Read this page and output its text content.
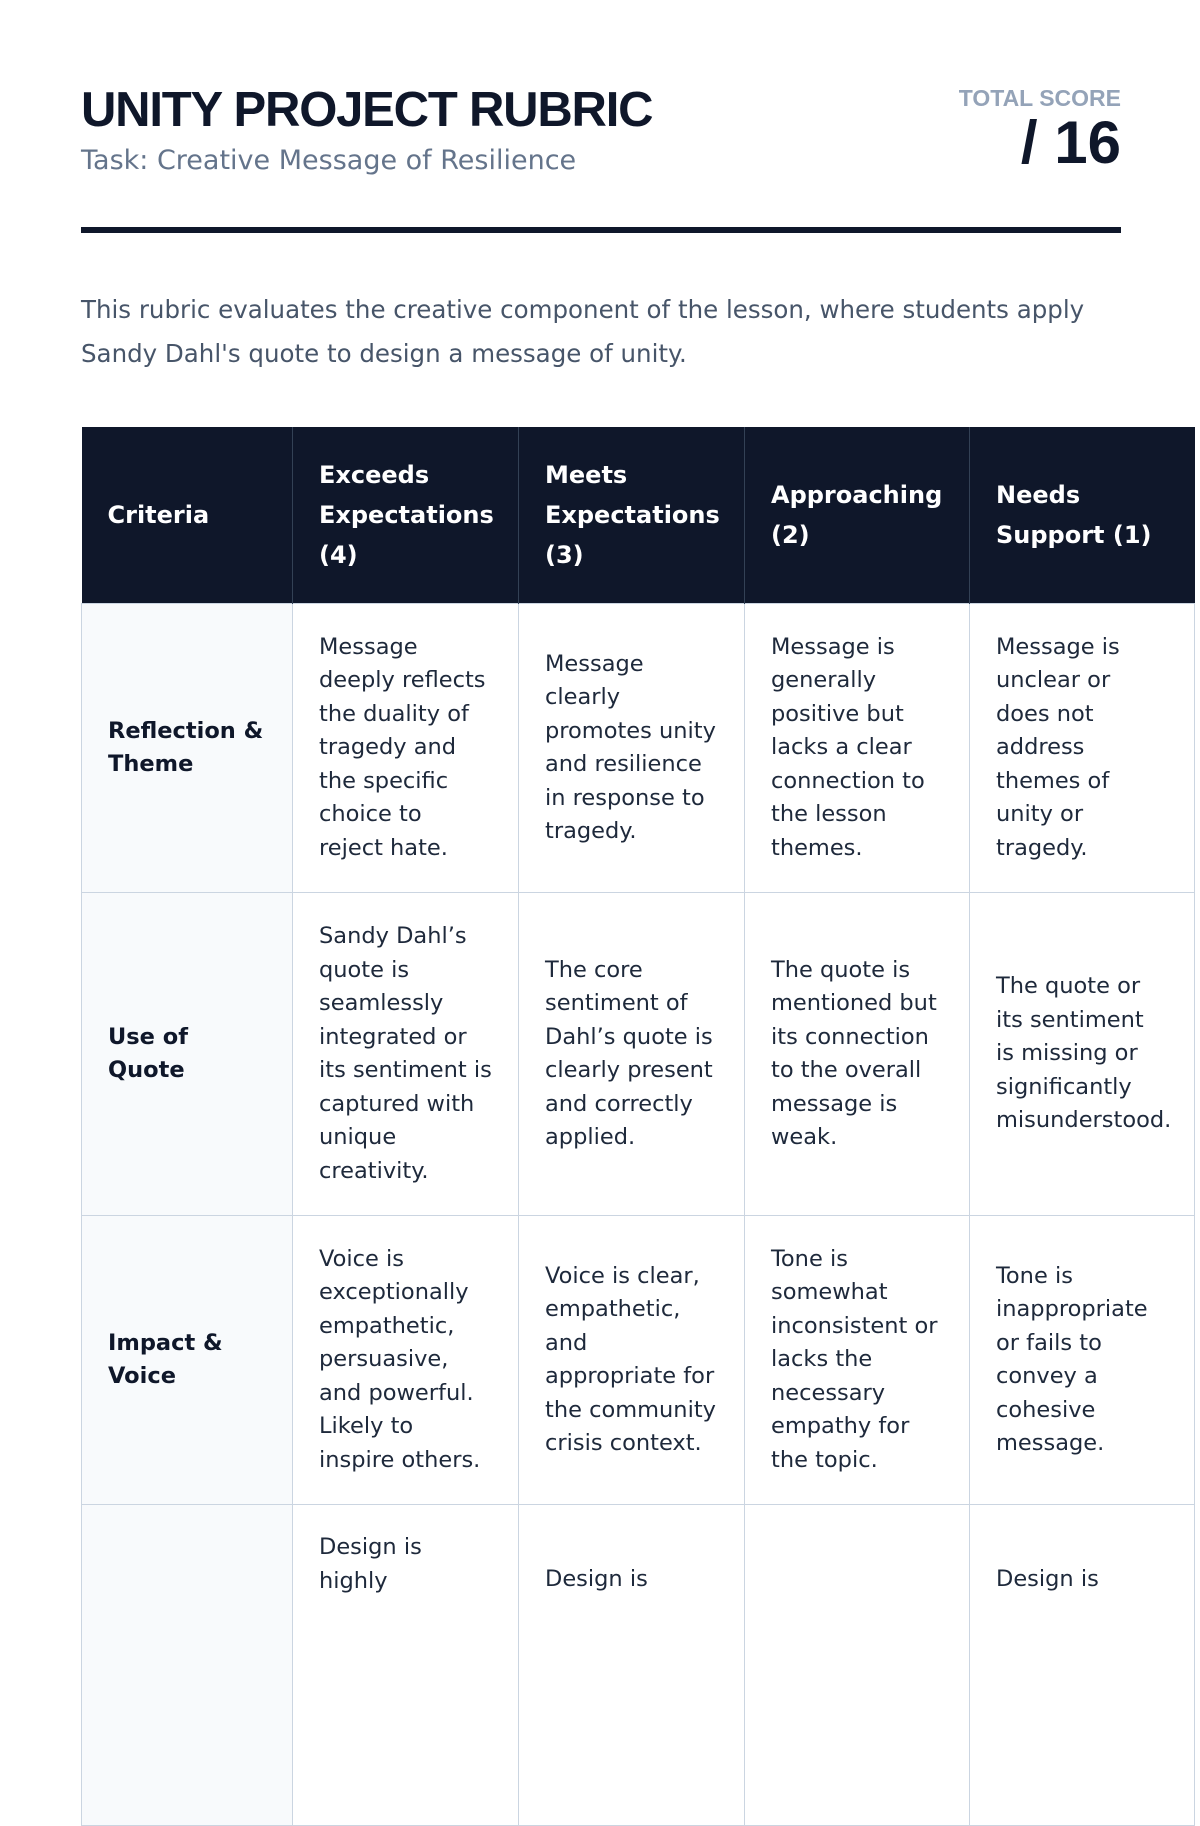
UNITY PROJECT RUBRIC
Task: Creative Message of Resilience
TOTAL SCORE
/ 16

This rubric evaluates the creative component of the lesson, where students apply Sandy Dahl's quote to design a message of unity.

Criteria	Exceeds Expectations (4)	Meets Expectations (3)	Approaching (2)	Needs Support (1)
Reflection & Theme	Message deeply reflects the duality of tragedy and the specific choice to reject hate.	Message clearly promotes unity and resilience in response to tragedy.	Message is generally positive but lacks a clear connection to the lesson themes.	Message is unclear or does not address themes of unity or tragedy.
Use of Quote	Sandy Dahl’s quote is seamlessly integrated or its sentiment is captured with unique creativity.	The core sentiment of Dahl’s quote is clearly present and correctly applied.	The quote is mentioned but its connection to the overall message is weak.	The quote or its sentiment is missing or significantly misunderstood.
Impact & Voice	Voice is exceptionally empathetic, persuasive, and powerful. Likely to inspire others.	Voice is clear, empathetic, and appropriate for the community crisis context.	Tone is somewhat inconsistent or lacks the necessary empathy for the topic.	Tone is inappropriate or fails to convey a cohesive message.
	Design is highly	Design is		Design is
